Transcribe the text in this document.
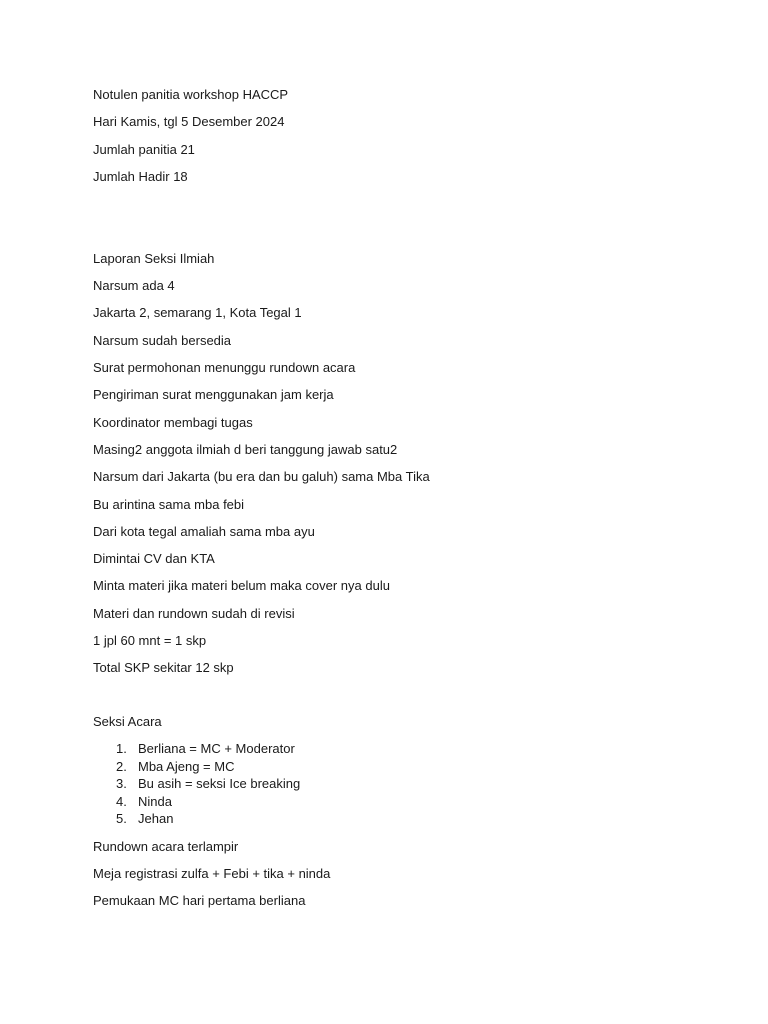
Notulen panitia workshop HACCP
Hari Kamis, tgl 5 Desember 2024
Jumlah panitia 21
Jumlah Hadir 18
Laporan Seksi Ilmiah
Narsum ada 4
Jakarta 2, semarang 1, Kota Tegal 1
Narsum sudah bersedia
Surat permohonan menunggu rundown acara
Pengiriman surat menggunakan jam kerja
Koordinator membagi tugas
Masing2 anggota ilmiah d beri tanggung jawab satu2
Narsum dari Jakarta (bu era dan bu galuh) sama Mba Tika
Bu arintina sama mba febi
Dari kota tegal amaliah sama mba ayu
Dimintai CV dan KTA
Minta materi jika materi belum maka cover nya dulu
Materi dan rundown sudah di revisi
1 jpl 60 mnt = 1 skp
Total SKP sekitar 12 skp
Seksi Acara
1. Berliana = MC + Moderator
2. Mba Ajeng = MC
3. Bu asih = seksi Ice breaking
4. Ninda
5. Jehan
Rundown acara terlampir
Meja registrasi zulfa + Febi + tika + ninda
Pemukaan MC hari pertama berliana
